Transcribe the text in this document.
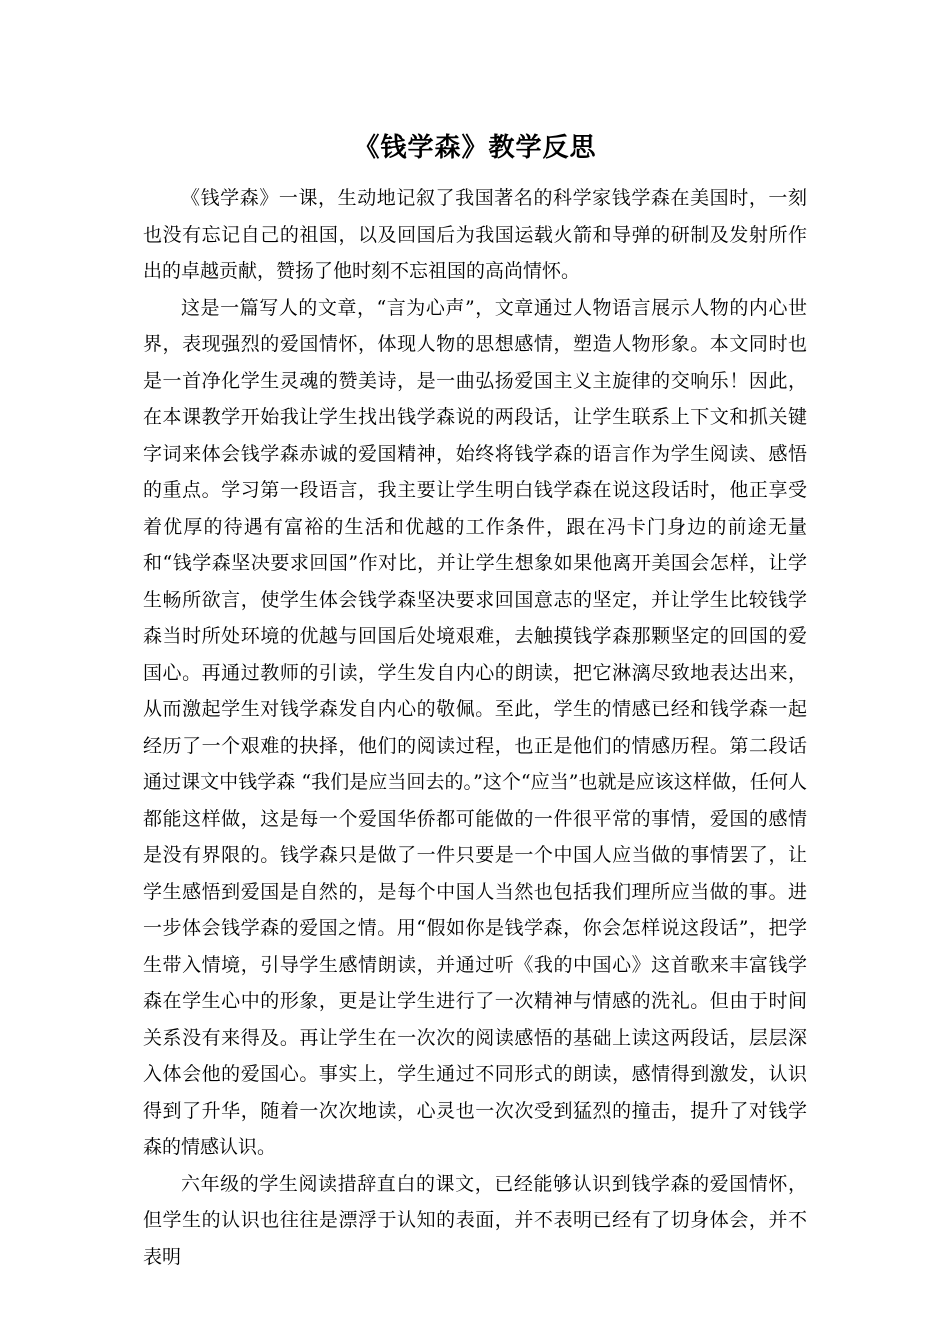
《钱学森》教学反思

《钱学森》一课，生动地记叙了我国著名的科学家钱学森在美国时，一刻也没有忘记自己的祖国，以及回国后为我国运载火箭和导弹的研制及发射所作出的卓越贡献，赞扬了他时刻不忘祖国的高尚情怀。

这是一篇写人的文章，“言为心声”，文章通过人物语言展示人物的内心世界，表现强烈的爱国情怀，体现人物的思想感情，塑造人物形象。本文同时也是一首净化学生灵魂的赞美诗，是一曲弘扬爱国主义主旋律的交响乐！因此，在本课教学开始我让学生找出钱学森说的两段话，让学生联系上下文和抓关键字词来体会钱学森赤诚的爱国精神，始终将钱学森的语言作为学生阅读、感悟的重点。学习第一段语言，我主要让学生明白钱学森在说这段话时，他正享受着优厚的待遇有富裕的生活和优越的工作条件，跟在冯卡门身边的前途无量和“钱学森坚决要求回国”作对比，并让学生想象如果他离开美国会怎样，让学生畅所欲言，使学生体会钱学森坚决要求回国意志的坚定，并让学生比较钱学森当时所处环境的优越与回国后处境艰难，去触摸钱学森那颗坚定的回国的爱国心。再通过教师的引读，学生发自内心的朗读，把它淋漓尽致地表达出来，从而激起学生对钱学森发自内心的敬佩。至此，学生的情感已经和钱学森一起经历了一个艰难的抉择，他们的阅读过程，也正是他们的情感历程。第二段话通过课文中钱学森 “我们是应当回去的。”这个“应当”也就是应该这样做，任何人都能这样做，这是每一个爱国华侨都可能做的一件很平常的事情，爱国的感情是没有界限的。钱学森只是做了一件只要是一个中国人应当做的事情罢了，让学生感悟到爱国是自然的，是每个中国人当然也包括我们理所应当做的事。进一步体会钱学森的爱国之情。用“假如你是钱学森，你会怎样说这段话”，把学生带入情境，引导学生感情朗读，并通过听《我的中国心》这首歌来丰富钱学森在学生心中的形象，更是让学生进行了一次精神与情感的洗礼。但由于时间关系没有来得及。再让学生在一次次的阅读感悟的基础上读这两段话，层层深入体会他的爱国心。事实上，学生通过不同形式的朗读，感情得到激发，认识得到了升华，随着一次次地读，心灵也一次次受到猛烈的撞击，提升了对钱学森的情感认识。

六年级的学生阅读措辞直白的课文，已经能够认识到钱学森的爱国情怀，但学生的认识也往往是漂浮于认知的表面，并不表明已经有了切身体会，并不表明
